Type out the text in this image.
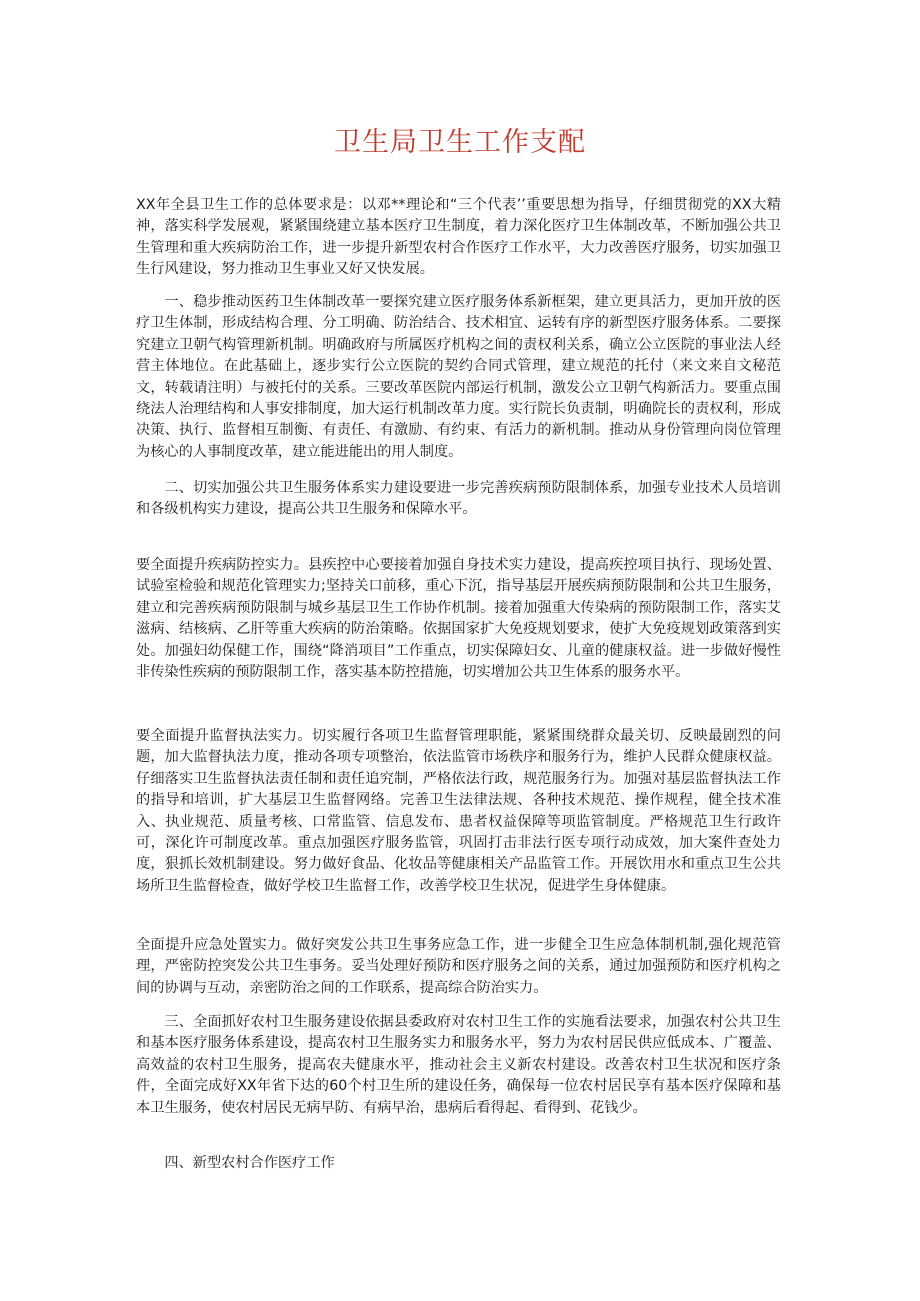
卫生局卫生工作支配

XX年全县卫生工作的总体要求是：以邓**理论和“三个代表’’重要思想为指导，仔细贯彻党的XX大精神，落实科学发展观，紧紧围绕建立基本医疗卫生制度，着力深化医疗卫生体制改革，不断加强公共卫生管理和重大疾病防治工作，进一步提升新型农村合作医疗工作水平，大力改善医疗服务，切实加强卫生行风建设，努力推动卫生事业又好又快发展。

一、稳步推动医药卫生体制改革一要探究建立医疗服务体系新框架，建立更具活力，更加开放的医疗卫生体制，形成结构合理、分工明确、防治结合、技术相宜、运转有序的新型医疗服务体系。二要探究建立卫朝气构管理新机制。明确政府与所属医疗机构之间的责权利关系，确立公立医院的事业法人经营主体地位。在此基础上，逐步实行公立医院的契约合同式管理，建立规范的托付（来文来自文秘范文，转载请注明）与被托付的关系。三要改革医院内部运行机制，激发公立卫朝气构新活力。要重点围绕法人治理结构和人事安排制度，加大运行机制改革力度。实行院长负责制，明确院长的责权利，形成决策、执行、监督相互制衡、有责任、有激励、有约束、有活力的新机制。推动从身份管理向岗位管理为核心的人事制度改革，建立能进能出的用人制度。

二、切实加强公共卫生服务体系实力建设要进一步完善疾病预防限制体系，加强专业技术人员培训和各级机构实力建设，提高公共卫生服务和保障水平。

要全面提升疾病防控实力。县疾控中心要接着加强自身技术实力建设，提高疾控项目执行、现场处置、试验室检验和规范化管理实力;坚持关口前移，重心下沉，指导基层开展疾病预防限制和公共卫生服务，建立和完善疾病预防限制与城乡基层卫生工作协作机制。接着加强重大传染病的预防限制工作，落实艾滋病、结核病、乙肝等重大疾病的防治策略。依据国家扩大免疫规划要求，使扩大免疫规划政策落到实处。加强妇幼保健工作，围绕“降消项目”工作重点，切实保障妇女、儿童的健康权益。进一步做好慢性非传染性疾病的预防限制工作，落实基本防控措施，切实增加公共卫生体系的服务水平。

要全面提升监督执法实力。切实履行各项卫生监督管理职能，紧紧围绕群众最关切、反映最剧烈的问题，加大监督执法力度，推动各项专项整治，依法监管市场秩序和服务行为，维护人民群众健康权益。仔细落实卫生监督执法责任制和责任追究制，严格依法行政，规范服务行为。加强对基层监督执法工作的指导和培训，扩大基层卫生监督网络。完善卫生法律法规、各种技术规范、操作规程，健全技术准入、执业规范、质量考核、口常监管、信息发布、患者权益保障等项监管制度。严格规范卫生行政许可，深化许可制度改革。重点加强医疗服务监管，巩固打击非法行医专项行动成效，加大案件查处力度，狠抓长效机制建设。努力做好食品、化妆品等健康相关产品监管工作。开展饮用水和重点卫生公共场所卫生监督检查，做好学校卫生监督工作，改善学校卫生状况，促进学生身体健康。

全面提升应急处置实力。做好突发公共卫生事务应急工作，进一步健全卫生应急体制机制,强化规范管理，严密防控突发公共卫生事务。妥当处理好预防和医疗服务之间的关系，通过加强预防和医疗机构之间的协调与互动，亲密防治之间的工作联系，提高综合防治实力。

三、全面抓好农村卫生服务建设依据县委政府对农村卫生工作的实施看法要求，加强农村公共卫生和基本医疗服务体系建设，提高农村卫生服务实力和服务水平，努力为农村居民供应低成本、广覆盖、高效益的农村卫生服务，提高农夫健康水平，推动社会主义新农村建设。改善农村卫生状况和医疗条件，全面完成好XX年省下达的60个村卫生所的建设任务，确保每一位农村居民享有基本医疗保障和基本卫生服务，使农村居民无病早防、有病早治，患病后看得起、看得到、花钱少。

四、新型农村合作医疗工作
